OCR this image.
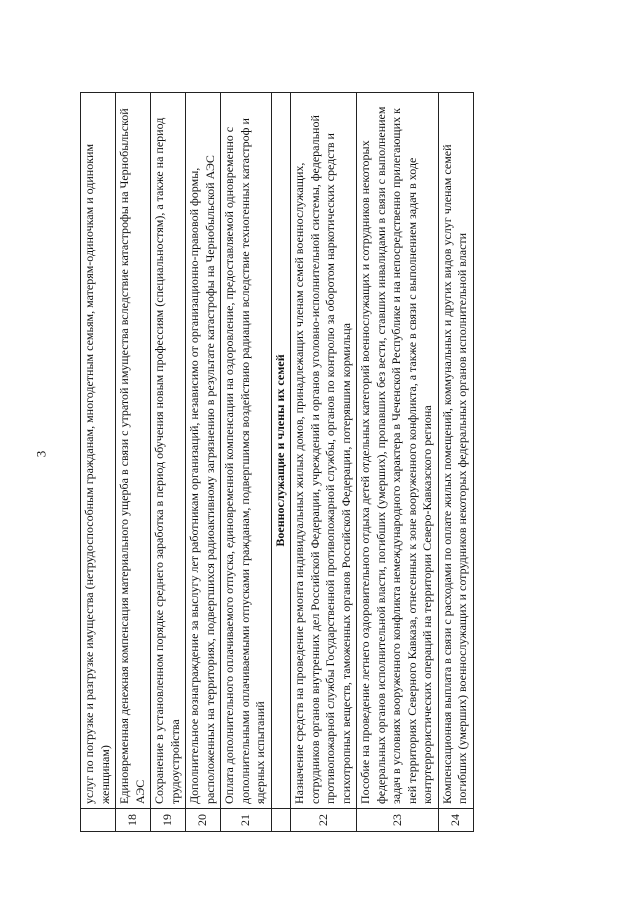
3
		услуг по погрузке и разгрузке имущества (нетрудоспособным гражданам, многодетным семьям, матерям-одиночкам и одиноким женщинам)
18	Единовременная денежная компенсация материального ущерба в связи с утратой имущества вследствие катастрофы на Чернобыльской АЭС
19	Сохранение в установленном порядке среднего заработка в период обучения новым профессиям (специальностям), а также на период трудоустройства
20	Дополнительное вознаграждение за выслугу лет работникам организаций, независимо от организационно-правовой формы, расположенных на территориях, подвергшихся радиоактивному загрязнению в результате катастрофы на Чернобыльской АЭС
21	Оплата дополнительного оплачиваемого отпуска, единовременной компенсации на оздоровление, предоставляемой одновременно с дополнительными оплачиваемыми отпусками гражданам, подвергшимся воздействию радиации вследствие техногенных катастроф и ядерных испытаний
	Военнослужащие и члены их семей
22	Назначение средств на проведение ремонта индивидуальных жилых домов, принадлежащих членам семей военнослужащих, сотрудников органов внутренних дел Российской Федерации, учреждений и органов уголовно-исполнительной системы, федеральной противопожарной службы Государственной противопожарной службы, органов по контролю за оборотом наркотических средств и психотропных веществ, таможенных органов Российской Федерации, потерявшим кормильца
23	Пособие на проведение летнего оздоровительного отдыха детей отдельных категорий военнослужащих и сотрудников некоторых федеральных органов исполнительной власти, погибших (умерших), пропавших без вести, ставших инвалидами в связи с выполнением задач в условиях вооруженного конфликта немеждународного характера в Чеченской Республике и на непосредственно прилегающих к ней территориях Северного Кавказа, отнесенных к зоне вооруженного конфликта, а также в связи с выполнением задач в ходе контртеррористических операций на территории Северо-Кавказского региона
24	Компенсационная выплата в связи с расходами по оплате жилых помещений, коммунальных и других видов услуг членам семей погибших (умерших) военнослужащих и сотрудников некоторых федеральных органов исполнительной власти
